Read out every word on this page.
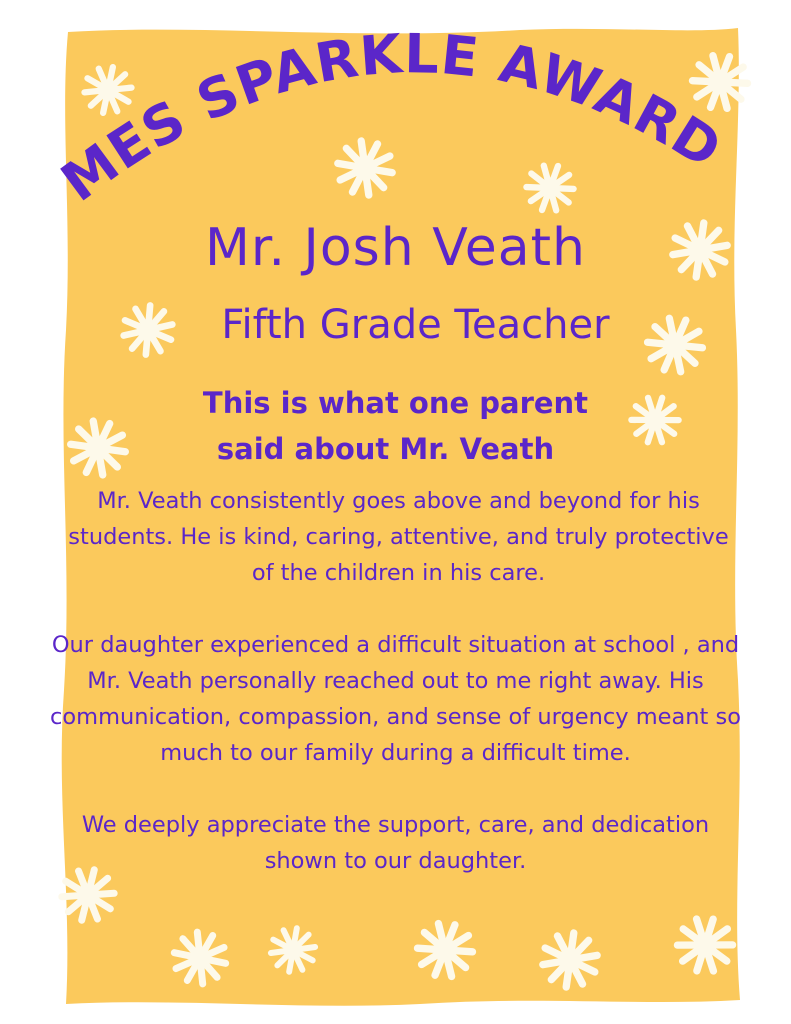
MES SPARKLE AWARD
Mr. Josh Veath
Fifth Grade Teacher
This is what one parent
said about Mr. Veath

Mr. Veath consistently goes above and beyond for his students. He is kind, caring, attentive, and truly protective of the children in his care.

Our daughter experienced a difficult situation at school , and Mr. Veath personally reached out to me right away. His communication, compassion, and sense of urgency meant so much to our family during a difficult time.

We deeply appreciate the support, care, and dedication shown to our daughter.
